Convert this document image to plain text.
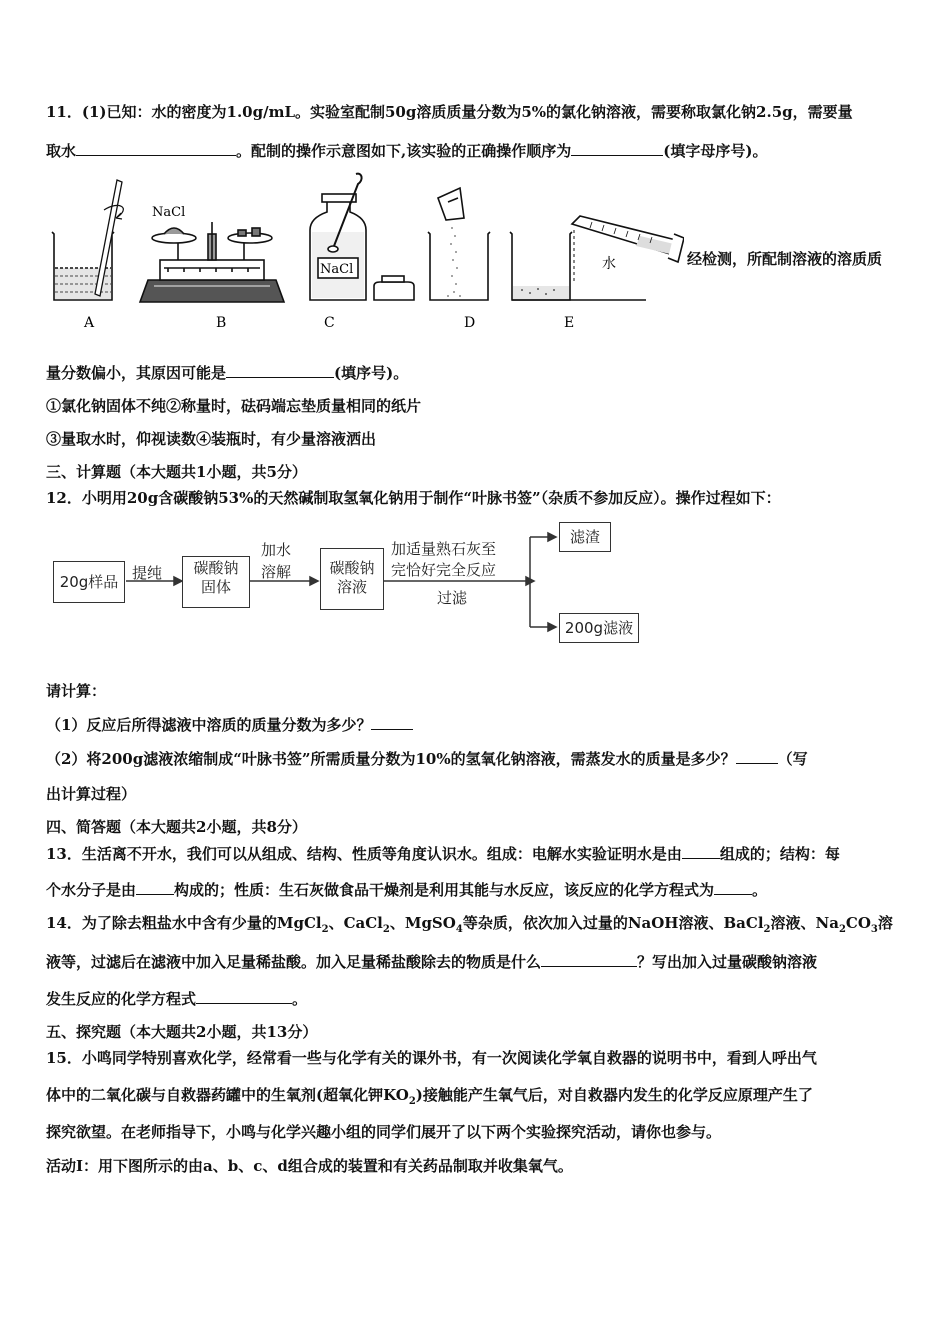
11．(1)已知：水的密度为1.0g/mL。实验室配制50g溶质质量分数为5%的氯化钠溶液，需要称取氯化钠2.5g，需要量
取水	。配制的操作示意图如下,该实验的正确操作顺序为	(填字母序号)。
NaCl
NaCl	水
A	B	C	D	E
经检测，所配制溶液的溶质质
量分数偏小，其原因可能是	(填序号)。
①氯化钠固体不纯②称量时，砝码端忘垫质量相同的纸片
③量取水时，仰视读数④装瓶时，有少量溶液洒出
三、计算题（本大题共1小题，共5分）
12．小明用20g含碳酸钠53%的天然碱制取氢氧化钠用于制作“叶脉书签”（杂质不参加反应）。操作过程如下：
20g样品 提纯	碳酸钠
固体
加水
溶解	碳酸钠
溶液
加适量熟石灰至
完恰好完全反应
过滤
滤渣
200g滤液
请计算：
（1）反应后所得滤液中溶质的质量分数为多少？
（2）将200g滤液浓缩制成“叶脉书签”所需质量分数为10%的氢氧化钠溶液，需蒸发水的质量是多少？	（写
出计算过程）
四、简答题（本大题共2小题，共8分）
13．生活离不开水，我们可以从组成、结构、性质等角度认识水。组成：电解水实验证明水是由	组成的；结构：每
个水分子是由	构成的；性质：生石灰做食品干燥剂是利用其能与水反应，该反应的化学方程式为	。
14．为了除去粗盐水中含有少量的MgCl$_2$、CaCl$_2$、MgSO$_4$等杂质，依次加入过量的NaOH溶液、BaCl$_2$溶液、$Na_2CO_3$溶
液等，过滤后在滤液中加入足量稀盐酸。加入足量稀盐酸除去的物质是什么	？写出加入过量碳酸钠溶液
发生反应的化学方程式	。
五、探究题（本大题共2小题，共13分）
15．小鸣同学特别喜欢化学，经常看一些与化学有关的课外书，有一次阅读化学氧自救器的说明书中，看到人呼出气
体中的二氧化碳与自救器药罐中的生氧剂(超氧化钾$KO_2$)接触能产生氧气后，对自救器内发生的化学反应原理产生了
探究欲望。在老师指导下，小鸣与化学兴趣小组的同学们展开了以下两个实验探究活动，请你也参与。
活动Ⅰ：用下图所示的由a、b、c、d组合成的装置和有关药品制取并收集氧气。
